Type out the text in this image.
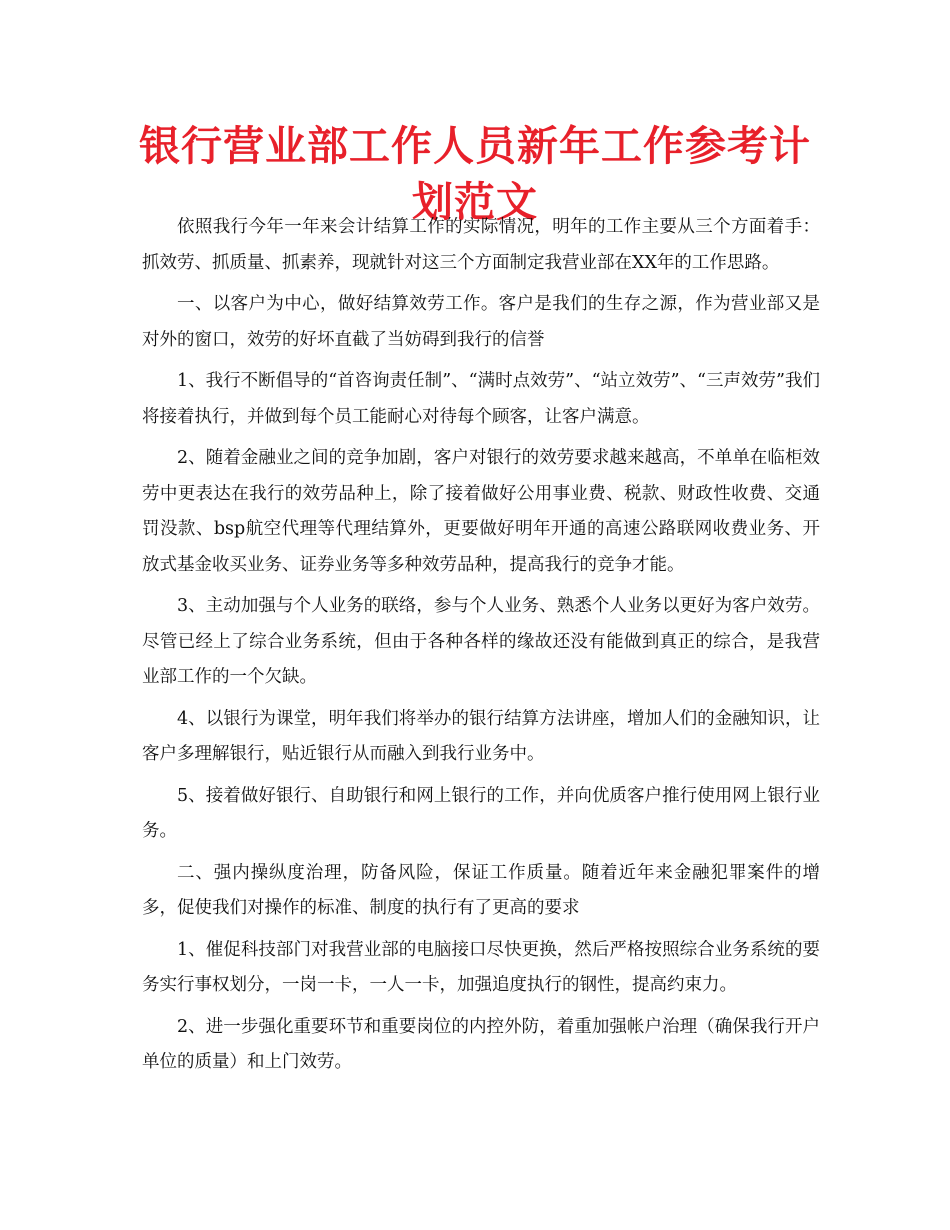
银行营业部工作人员新年工作参考计划范文

依照我行今年一年来会计结算工作的实际情况，明年的工作主要从三个方面着手：抓效劳、抓质量、抓素养，现就针对这三个方面制定我营业部在XX年的工作思路。

一、以客户为中心，做好结算效劳工作。客户是我们的生存之源，作为营业部又是对外的窗口，效劳的好坏直截了当妨碍到我行的信誉

1、我行不断倡导的“首咨询责任制”、“满时点效劳”、“站立效劳”、“三声效劳”我们将接着执行，并做到每个员工能耐心对待每个顾客，让客户满意。

2、随着金融业之间的竞争加剧，客户对银行的效劳要求越来越高，不单单在临柜效劳中更表达在我行的效劳品种上，除了接着做好公用事业费、税款、财政性收费、交通罚没款、bsp航空代理等代理结算外，更要做好明年开通的高速公路联网收费业务、开放式基金收买业务、证券业务等多种效劳品种，提高我行的竞争才能。

3、主动加强与个人业务的联络，参与个人业务、熟悉个人业务以更好为客户效劳。尽管已经上了综合业务系统，但由于各种各样的缘故还没有能做到真正的综合，是我营业部工作的一个欠缺。

4、以银行为课堂，明年我们将举办的银行结算方法讲座，增加人们的金融知识，让客户多理解银行，贴近银行从而融入到我行业务中。

5、接着做好银行、自助银行和网上银行的工作，并向优质客户推行使用网上银行业务。

二、强内操纵度治理，防备风险，保证工作质量。随着近年来金融犯罪案件的增多，促使我们对操作的标准、制度的执行有了更高的要求

1、催促科技部门对我营业部的电脑接口尽快更换，然后严格按照综合业务系统的要务实行事权划分，一岗一卡，一人一卡，加强追度执行的钢性，提高约束力。

2、进一步强化重要环节和重要岗位的内控外防，着重加强帐户治理（确保我行开户单位的质量）和上门效劳。
